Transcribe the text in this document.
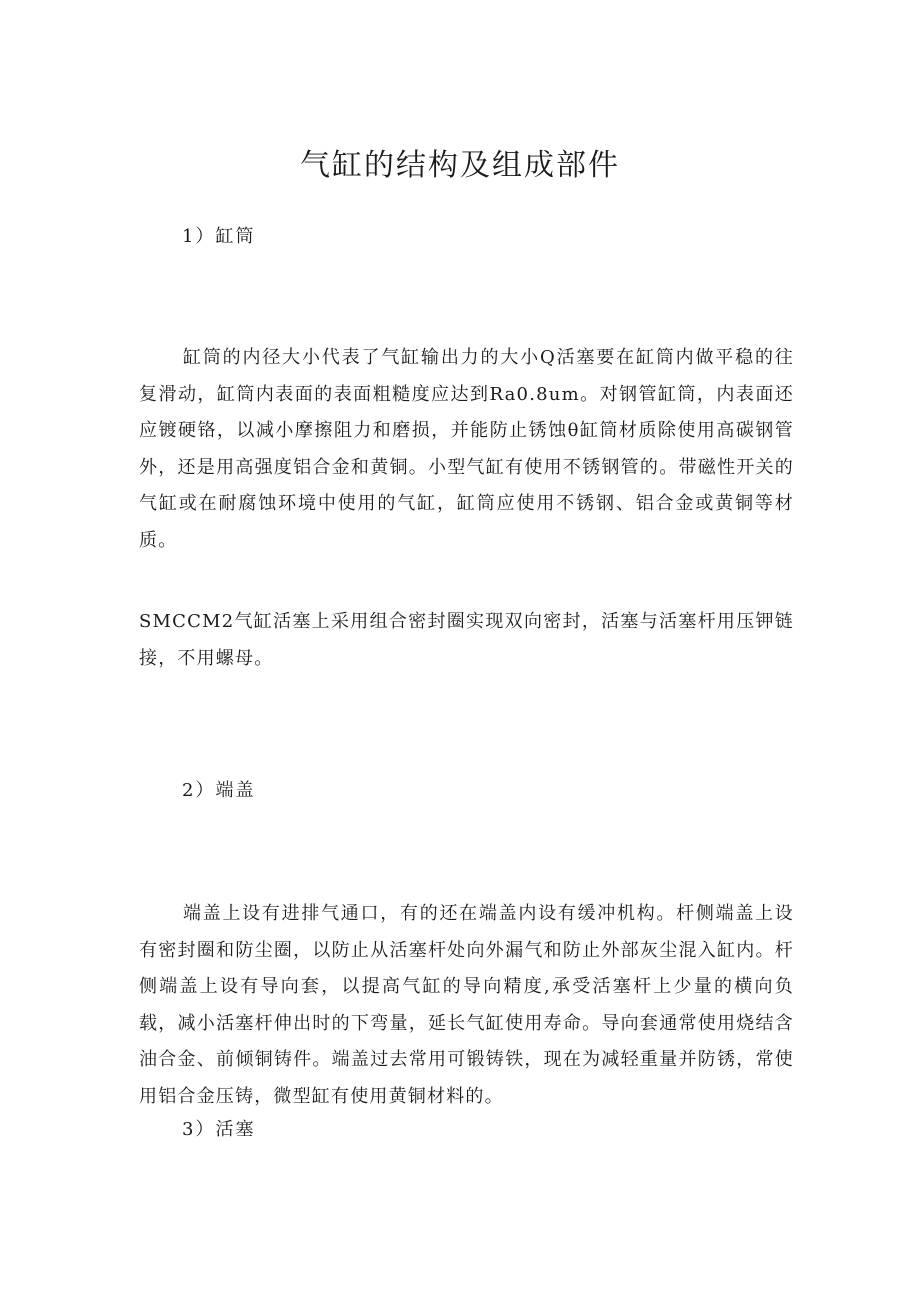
气缸的结构及组成部件

1）缸筒

缸筒的内径大小代表了气缸输出力的大小Q活塞要在缸筒内做平稳的往复滑动，缸筒内表面的表面粗糙度应达到Ra0.8um。对钢管缸筒，内表面还应镀硬铬，以减小摩擦阻力和磨损，并能防止锈蚀θ缸筒材质除使用高碳钢管外，还是用高强度铝合金和黄铜。小型气缸有使用不锈钢管的。带磁性开关的气缸或在耐腐蚀环境中使用的气缸，缸筒应使用不锈钢、铝合金或黄铜等材质。

SMCCM2气缸活塞上采用组合密封圈实现双向密封，活塞与活塞杆用压钾链接，不用螺母。

2）端盖

端盖上设有进排气通口，有的还在端盖内设有缓冲机构。杆侧端盖上设有密封圈和防尘圈，以防止从活塞杆处向外漏气和防止外部灰尘混入缸内。杆侧端盖上设有导向套，以提高气缸的导向精度,承受活塞杆上少量的横向负载，减小活塞杆伸出时的下弯量，延长气缸使用寿命。导向套通常使用烧结含油合金、前倾铜铸件。端盖过去常用可锻铸铁，现在为减轻重量并防锈，常使用铝合金压铸，微型缸有使用黄铜材料的。

3）活塞
